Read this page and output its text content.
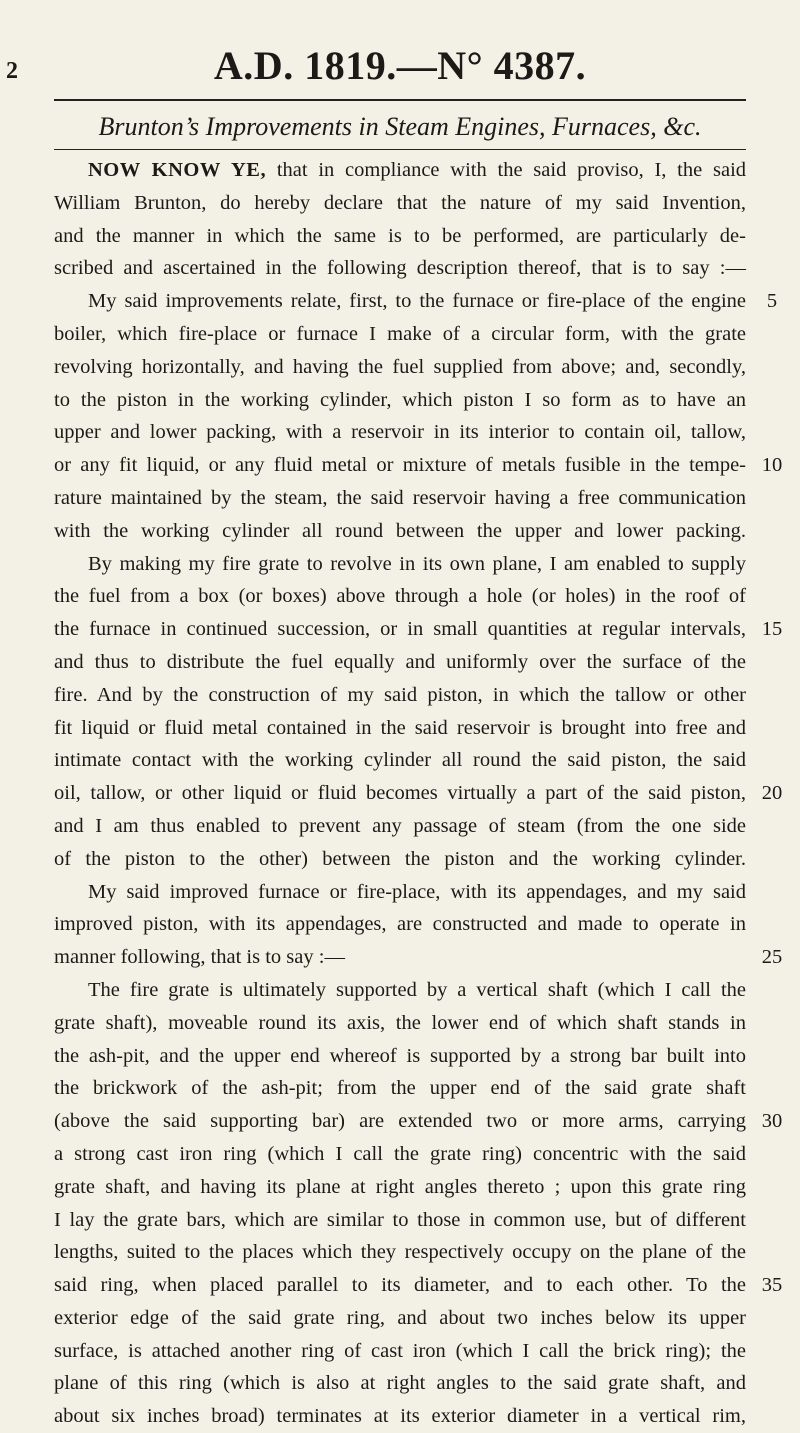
2	A.D. 1819.—N° 4387.
Brunton’s Improvements in Steam Engines, Furnaces, &c.
NOW KNOW YE, that in compliance with the said proviso, I, the said
William Brunton, do hereby declare that the nature of my said Invention,
and the manner in which the same is to be performed, are particularly de-
scribed and ascertained in the following description thereof, that is to say :—
My said improvements relate, first, to the furnace or fire-place of the engine
boiler, which fire-place or furnace I make of a circular form, with the grate
revolving horizontally, and having the fuel supplied from above; and, secondly,
to the piston in the working cylinder, which piston I so form as to have an
upper and lower packing, with a reservoir in its interior to contain oil, tallow,
or any fit liquid, or any fluid metal or mixture of metals fusible in the tempe-
rature maintained by the steam, the said reservoir having a free communication
with the working cylinder all round between the upper and lower packing.
By making my fire grate to revolve in its own plane, I am enabled to supply
the fuel from a box (or boxes) above through a hole (or holes) in the roof of
the furnace in continued succession, or in small quantities at regular intervals,
and thus to distribute the fuel equally and uniformly over the surface of the
fire. And by the construction of my said piston, in which the tallow or other
fit liquid or fluid metal contained in the said reservoir is brought into free and
intimate contact with the working cylinder all round the said piston, the said
oil, tallow, or other liquid or fluid becomes virtually a part of the said piston,
and I am thus enabled to prevent any passage of steam (from the one side
of the piston to the other) between the piston and the working cylinder.
My said improved furnace or fire-place, with its appendages, and my said
improved piston, with its appendages, are constructed and made to operate in
manner following, that is to say :—
The fire grate is ultimately supported by a vertical shaft (which I call the
grate shaft), moveable round its axis, the lower end of which shaft stands in
the ash-pit, and the upper end whereof is supported by a strong bar built into
the brickwork of the ash-pit; from the upper end of the said grate shaft
(above the said supporting bar) are extended two or more arms, carrying
a strong cast iron ring (which I call the grate ring) concentric with the said
grate shaft, and having its plane at right angles thereto ; upon this grate ring
I lay the grate bars, which are similar to those in common use, but of different
lengths, suited to the places which they respectively occupy on the plane of the
said ring, when placed parallel to its diameter, and to each other. To the
exterior edge of the said grate ring, and about two inches below its upper
surface, is attached another ring of cast iron (which I call the brick ring); the
plane of this ring (which is also at right angles to the said grate shaft, and
about six inches broad) terminates at its exterior diameter in a vertical rim,
5
10
15
20
25
30
35
